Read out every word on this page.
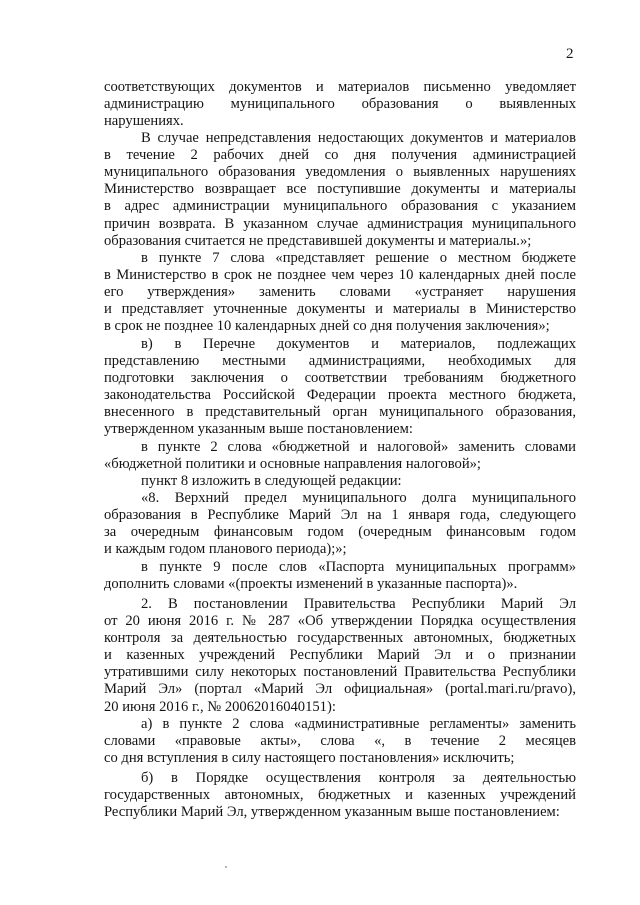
2
соответствующих документов и материалов письменно уведомляет
администрацию муниципального образования о выявленных
нарушениях.
В случае непредставления недостающих документов и материалов
в течение 2 рабочих дней со дня получения администрацией
муниципального образования уведомления о выявленных нарушениях
Министерство возвращает все поступившие документы и материалы
в адрес администрации муниципального образования с указанием
причин возврата. В указанном случае администрация муниципального
образования считается не представившей документы и материалы.»;
в пункте 7 слова «представляет решение о местном бюджете
в Министерство в срок не позднее чем через 10 календарных дней после
его утверждения» заменить словами «устраняет нарушения
и представляет уточненные документы и материалы в Министерство
в срок не позднее 10 календарных дней со дня получения заключения»;
в) в Перечне документов и материалов, подлежащих
представлению местными администрациями, необходимых для
подготовки заключения о соответствии требованиям бюджетного
законодательства Российской Федерации проекта местного бюджета,
внесенного в представительный орган муниципального образования,
утвержденном указанным выше постановлением:
в пункте 2 слова «бюджетной и налоговой» заменить словами
«бюджетной политики и основные направления налоговой»;
пункт 8 изложить в следующей редакции:
«8. Верхний предел муниципального долга муниципального
образования в Республике Марий Эл на 1 января года, следующего
за очередным финансовым годом (очередным финансовым годом
и каждым годом планового периода);»;
в пункте 9 после слов «Паспорта муниципальных программ»
дополнить словами «(проекты изменений в указанные паспорта)».
2. В постановлении Правительства Республики Марий Эл
от 20 июня 2016 г. № 287 «Об утверждении Порядка осуществления
контроля за деятельностью государственных автономных, бюджетных
и казенных учреждений Республики Марий Эл и о признании
утратившими силу некоторых постановлений Правительства Республики
Марий Эл» (портал «Марий Эл официальная» (portal.mari.ru/pravo),
20 июня 2016 г., № 20062016040151):
а) в пункте 2 слова «административные регламенты» заменить
словами «правовые акты», слова «, в течение 2 месяцев
со дня вступления в силу настоящего постановления» исключить;
б) в Порядке осуществления контроля за деятельностью
государственных автономных, бюджетных и казенных учреждений
Республики Марий Эл, утвержденном указанным выше постановлением:
